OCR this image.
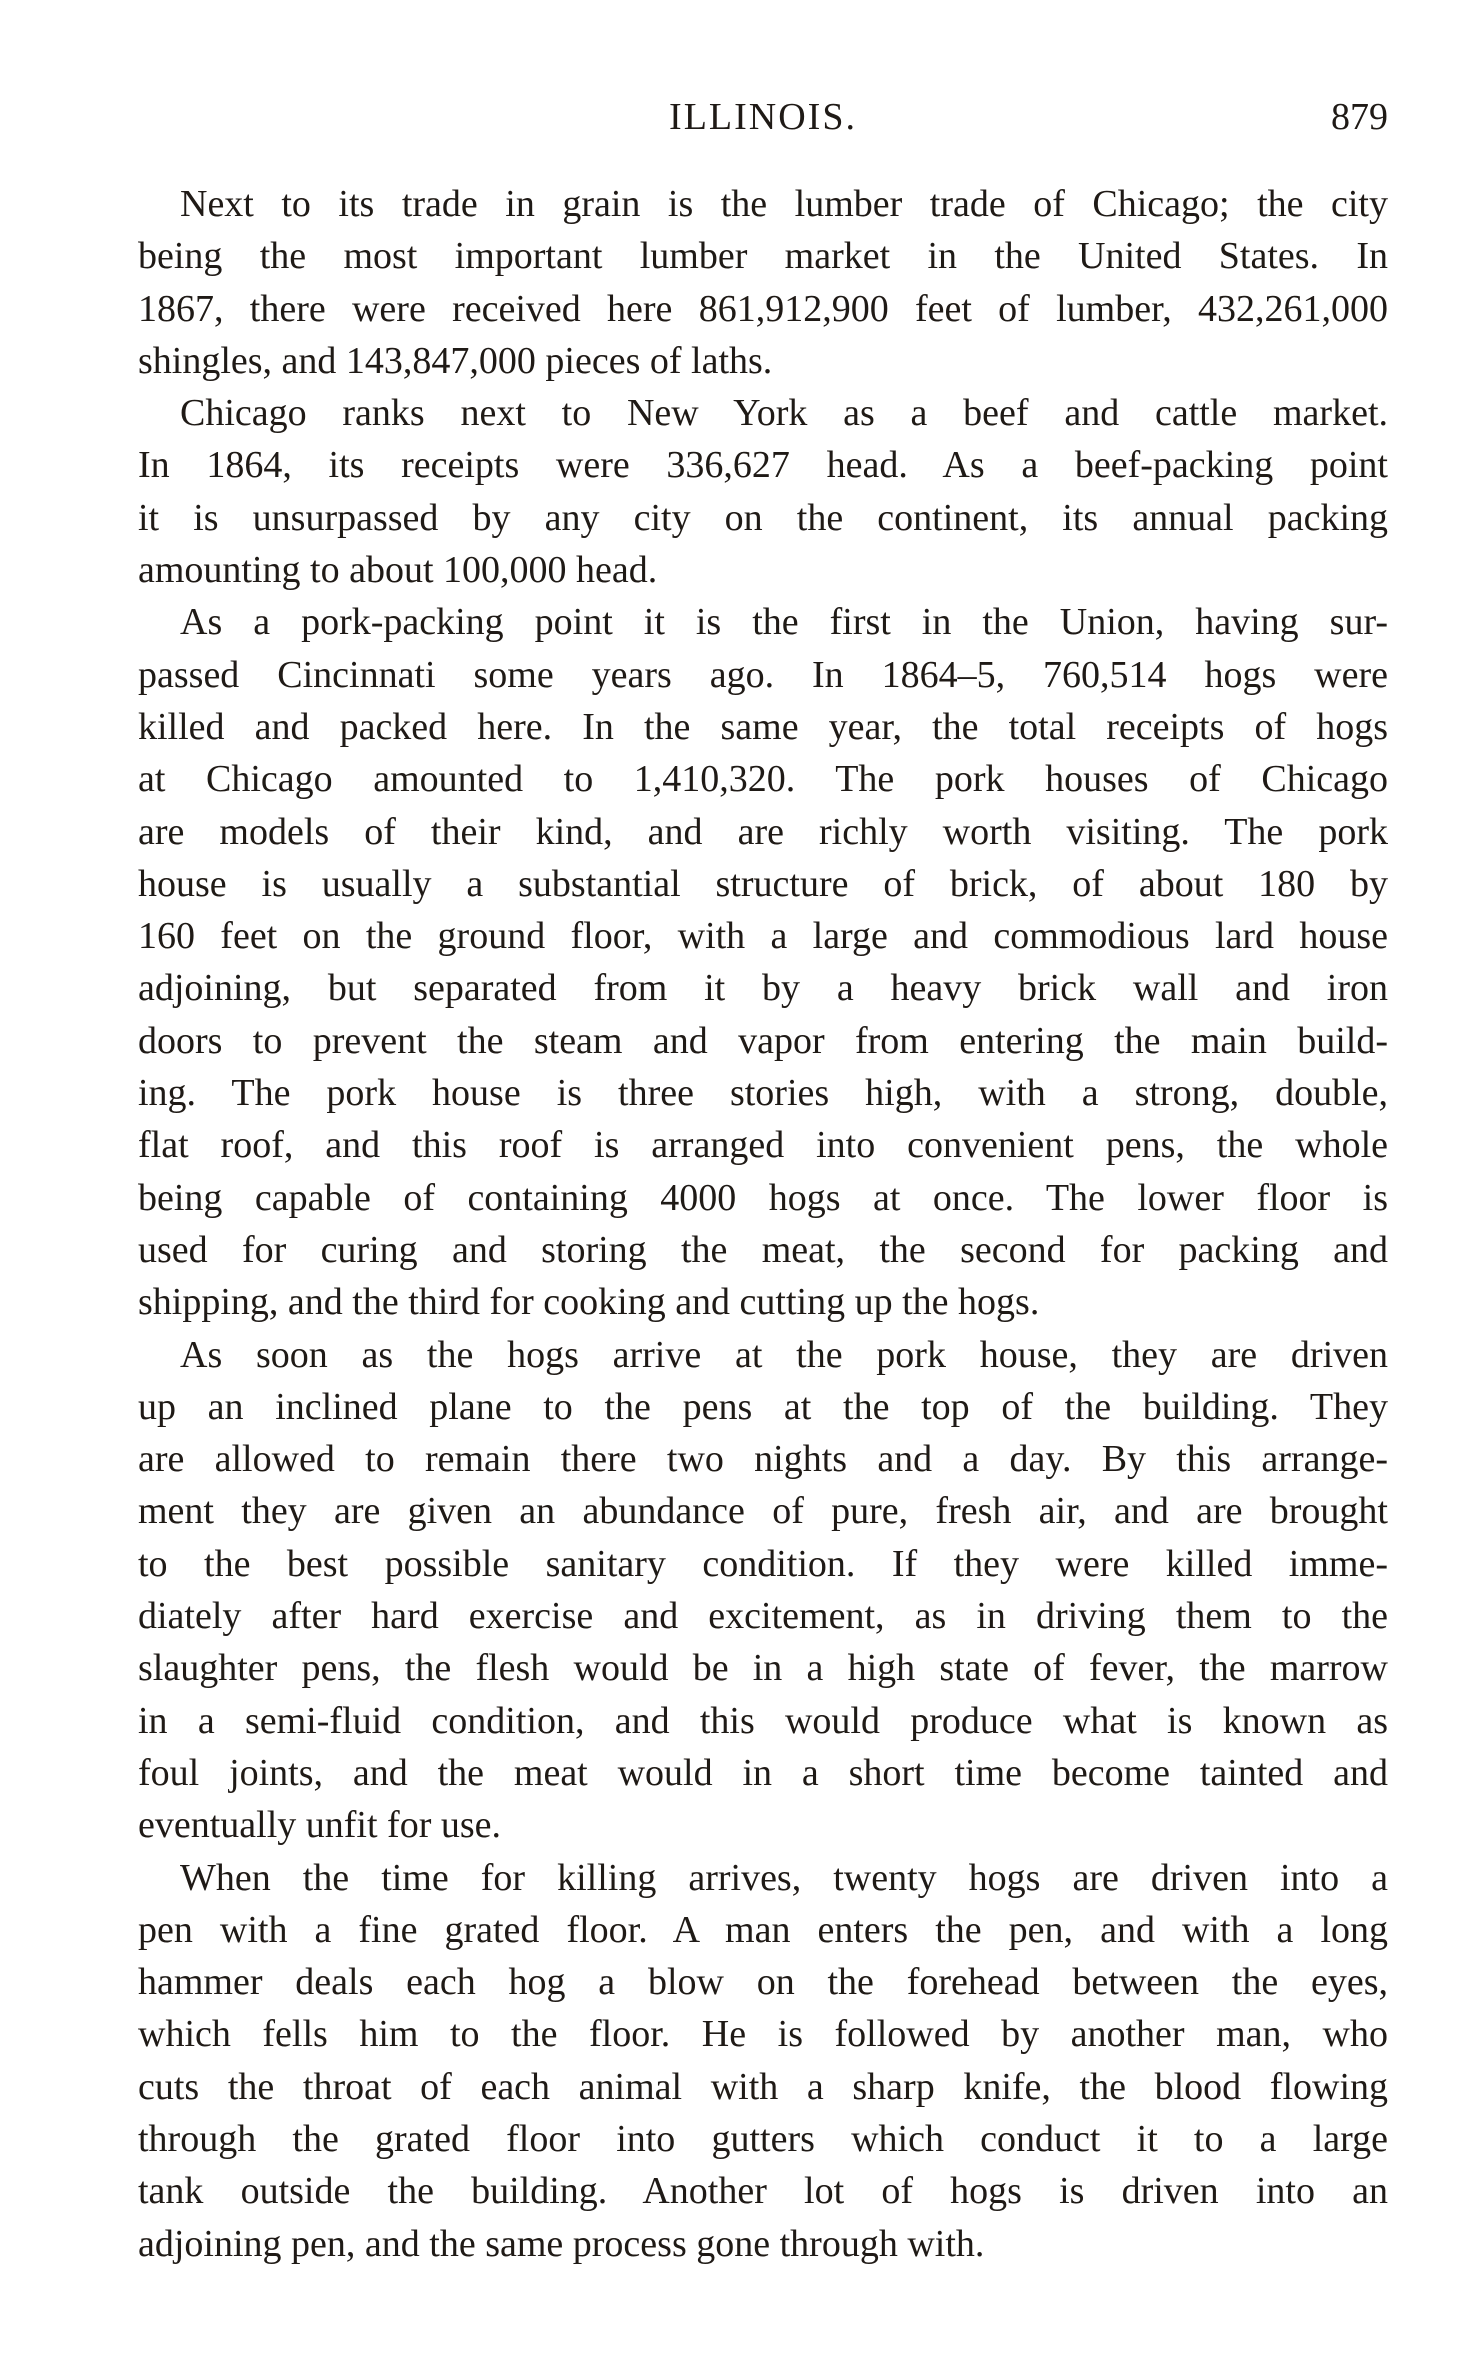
ILLINOIS.	879
Next to its trade in grain is the lumber trade of Chicago; the city
being the most important lumber market in the United States. In
1867, there were received here 861,912,900 feet of lumber, 432,261,000
shingles, and 143,847,000 pieces of laths.
Chicago ranks next to New York as a beef and cattle market.
In 1864, its receipts were 336,627 head. As a beef-packing point
it is unsurpassed by any city on the continent, its annual packing
amounting to about 100,000 head.
As a pork-packing point it is the first in the Union, having sur-
passed Cincinnati some years ago. In 1864–5, 760,514 hogs were
killed and packed here. In the same year, the total receipts of hogs
at Chicago amounted to 1,410,320. The pork houses of Chicago
are models of their kind, and are richly worth visiting. The pork
house is usually a substantial structure of brick, of about 180 by
160 feet on the ground floor, with a large and commodious lard house
adjoining, but separated from it by a heavy brick wall and iron
doors to prevent the steam and vapor from entering the main build-
ing. The pork house is three stories high, with a strong, double,
flat roof, and this roof is arranged into convenient pens, the whole
being capable of containing 4000 hogs at once. The lower floor is
used for curing and storing the meat, the second for packing and
shipping, and the third for cooking and cutting up the hogs.
As soon as the hogs arrive at the pork house, they are driven
up an inclined plane to the pens at the top of the building. They
are allowed to remain there two nights and a day. By this arrange-
ment they are given an abundance of pure, fresh air, and are brought
to the best possible sanitary condition. If they were killed imme-
diately after hard exercise and excitement, as in driving them to the
slaughter pens, the flesh would be in a high state of fever, the marrow
in a semi-fluid condition, and this would produce what is known as
foul joints, and the meat would in a short time become tainted and
eventually unfit for use.
When the time for killing arrives, twenty hogs are driven into a
pen with a fine grated floor. A man enters the pen, and with a long
hammer deals each hog a blow on the forehead between the eyes,
which fells him to the floor. He is followed by another man, who
cuts the throat of each animal with a sharp knife, the blood flowing
through the grated floor into gutters which conduct it to a large
tank outside the building. Another lot of hogs is driven into an
adjoining pen, and the same process gone through with.
